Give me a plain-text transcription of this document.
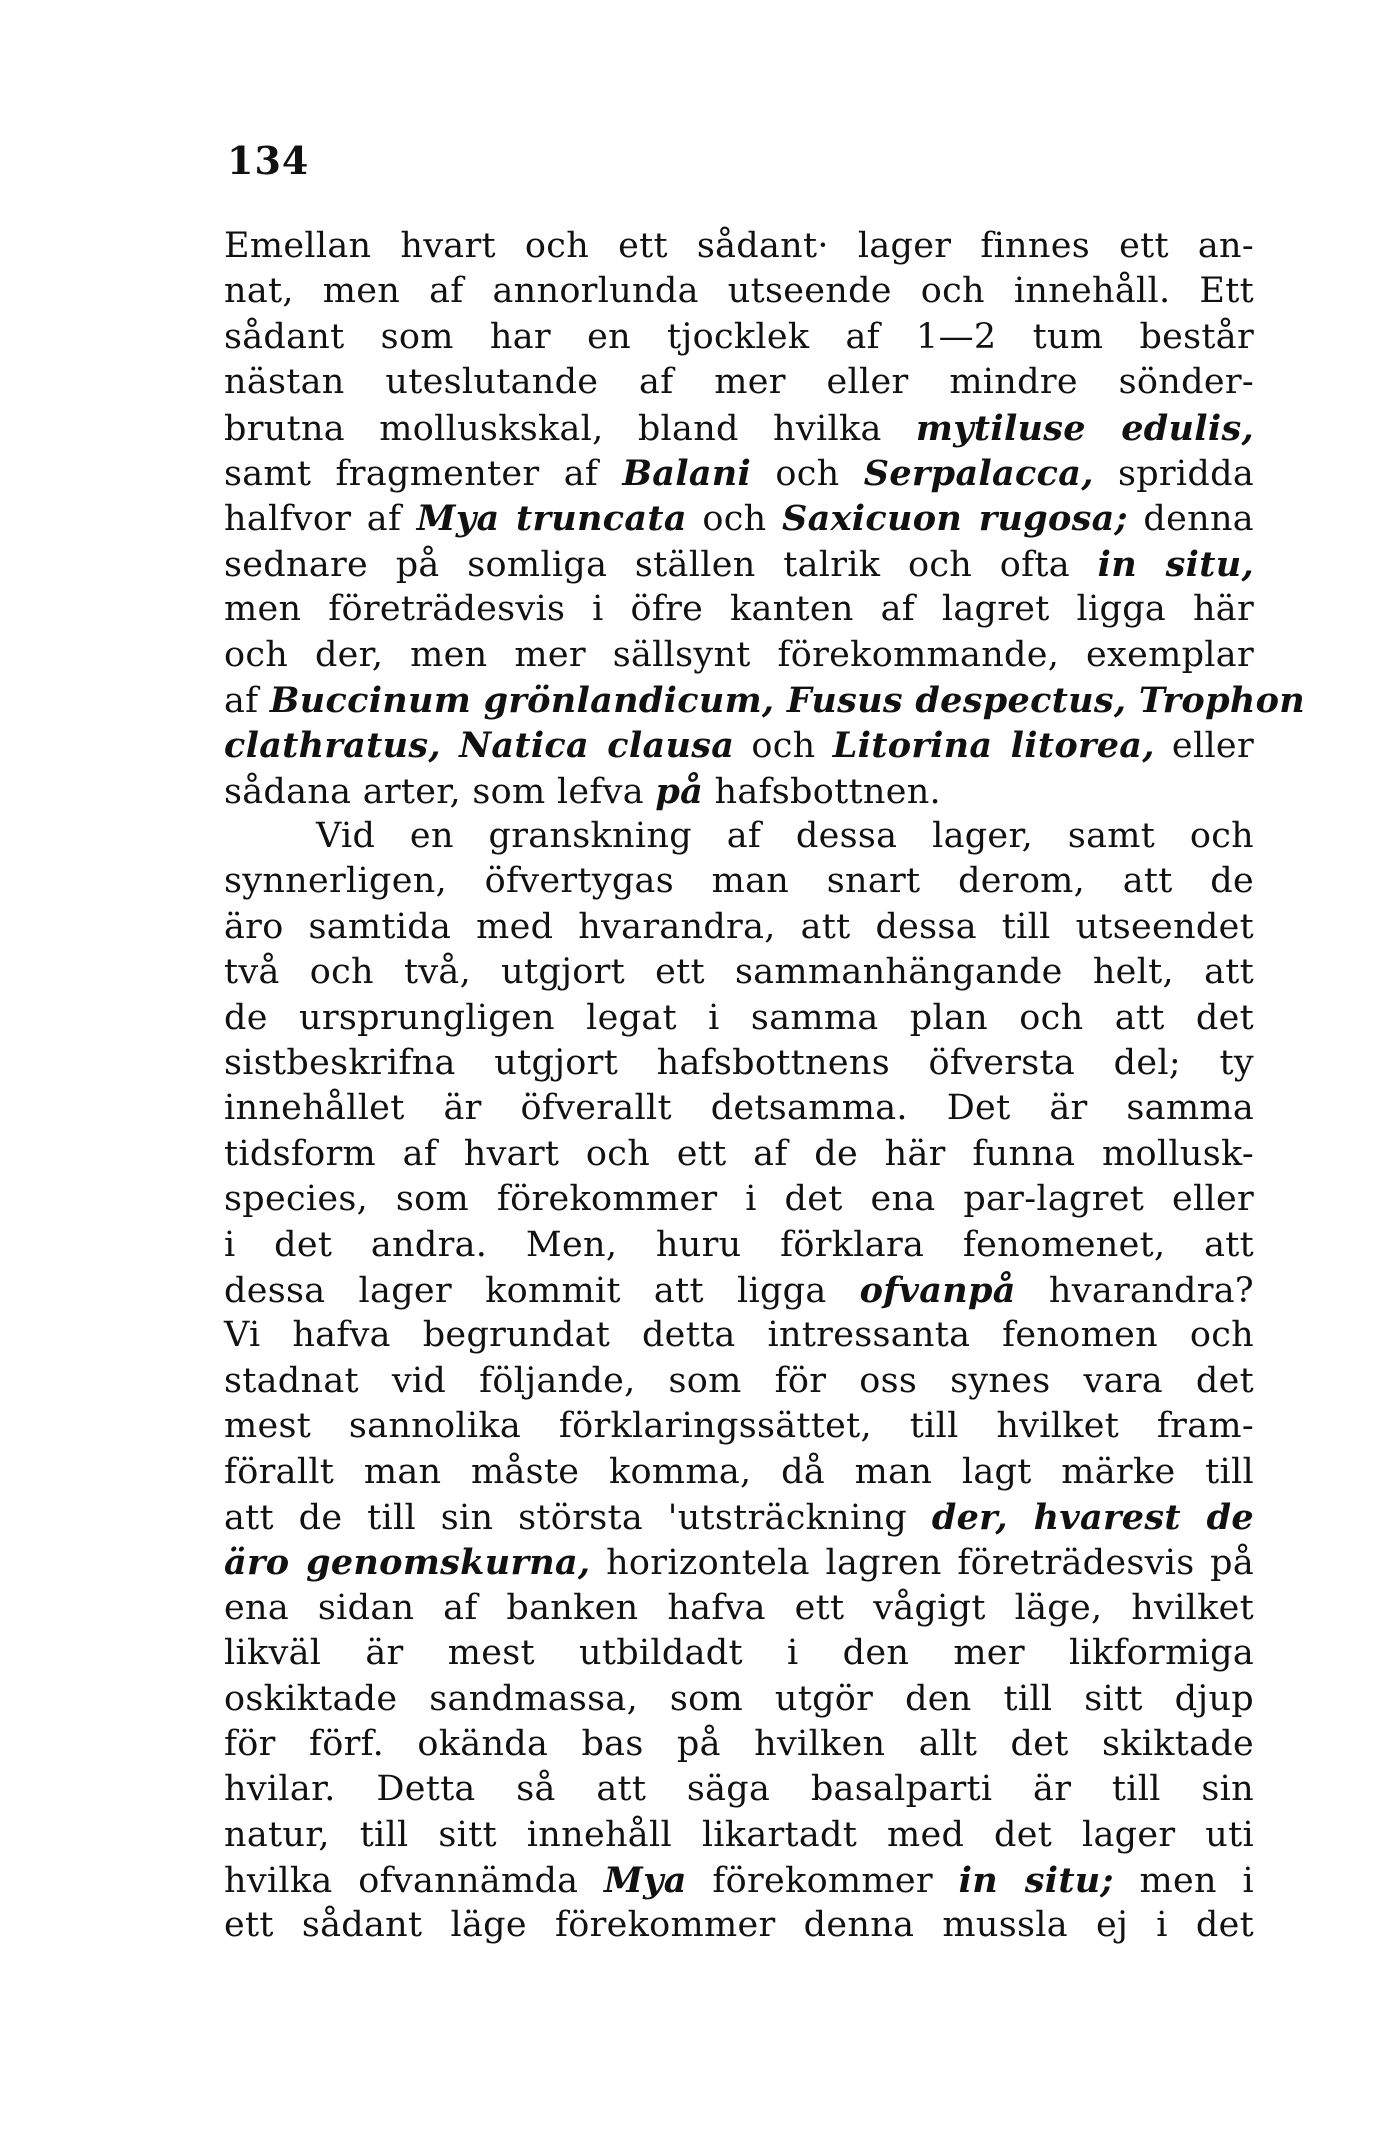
134
Emellan hvart och ett sådant· lager finnes ett an-
nat, men af annorlunda utseende och innehåll. Ett
sådant som har en tjocklek af 1—2 tum består
nästan uteslutande af mer eller mindre sönder-
brutna molluskskal, bland hvilka mytiluse edulis,
samt fragmenter af Balani och Serpalacca, spridda
halfvor af Mya truncata och Saxicuon rugosa; denna
sednare på somliga ställen talrik och ofta in situ,
men företrädesvis i öfre kanten af lagret ligga här
och der, men mer sällsynt förekommande, exemplar
af Buccinum grönlandicum, Fusus despectus, Trophon
clathratus, Natica clausa och Litorina litorea, eller
sådana arter, som lefva på hafsbottnen.
Vid en granskning af dessa lager, samt och
synnerligen, öfvertygas man snart derom, att de
äro samtida med hvarandra, att dessa till utseendet
två och två, utgjort ett sammanhängande helt, att
de ursprungligen legat i samma plan och att det
sistbeskrifna utgjort hafsbottnens öfversta del; ty
innehållet är öfverallt detsamma. Det är samma
tidsform af hvart och ett af de här funna mollusk-
species, som förekommer i det ena par-lagret eller
i det andra. Men, huru förklara fenomenet, att
dessa lager kommit att ligga ofvanpå hvarandra?
Vi hafva begrundat detta intressanta fenomen och
stadnat vid följande, som för oss synes vara det
mest sannolika förklaringssättet, till hvilket fram-
förallt man måste komma, då man lagt märke till
att de till sin största 'utsträckning der, hvarest de
äro genomskurna, horizontela lagren företrädesvis på
ena sidan af banken hafva ett vågigt läge, hvilket
likväl är mest utbildadt i den mer likformiga
oskiktade sandmassa, som utgör den till sitt djup
för förf. okända bas på hvilken allt det skiktade
hvilar. Detta så att säga basalparti är till sin
natur, till sitt innehåll likartadt med det lager uti
hvilka ofvannämda Mya förekommer in situ; men i
ett sådant läge förekommer denna mussla ej i det
